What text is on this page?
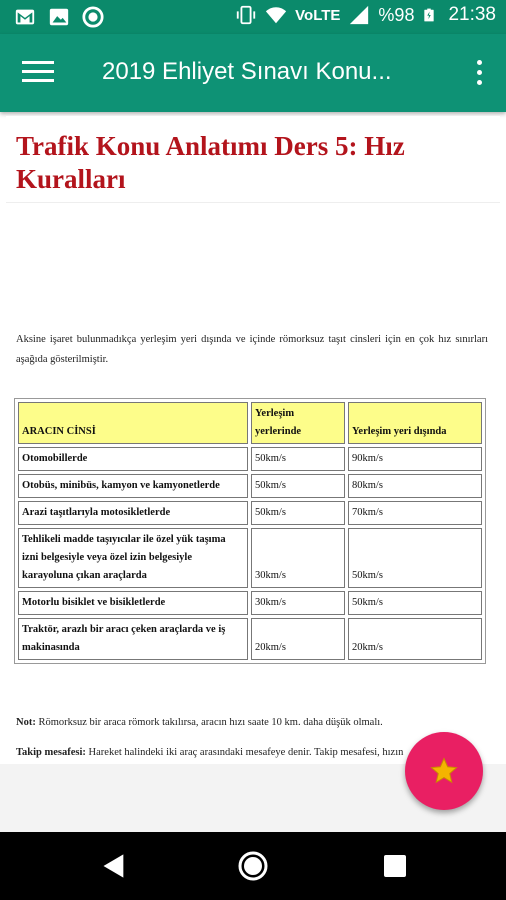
VoLTE %98 21:38
2019 Ehliyet Sınavı Konu...
Trafik Konu Anlatımı Ders 5: Hız Kuralları
Aksine işaret bulunmadıkça yerleşim yeri dışında ve içinde römorksuz taşıt cinsleri için en çok hız sınırları aşağıda gösterilmiştir.
ARACIN CİNSİ	Yerleşim yerlerinde	Yerleşim yeri dışında
Otomobillerde	50km/s	90km/s
Otobüs, minibüs, kamyon ve kamyonetlerde	50km/s	80km/s
Arazi taşıtlarıyla motosikletlerde	50km/s	70km/s
Tehlikeli madde taşıyıcılar ile özel yük taşıma izni belgesiyle veya özel izin belgesiyle karayoluna çıkan araçlarda	30km/s	50km/s
Motorlu bisiklet ve bisikletlerde	30km/s	50km/s
Traktör, arazlı bir aracı çeken araçlarda ve iş makinasında	20km/s	20km/s
Not: Römorksuz bir araca römork takılırsa, aracın hızı saate 10 km. daha düşük olmalı.
Takip mesafesi: Hareket halindeki iki araç arasındaki mesafeye denir. Takip mesafesi, hızın
